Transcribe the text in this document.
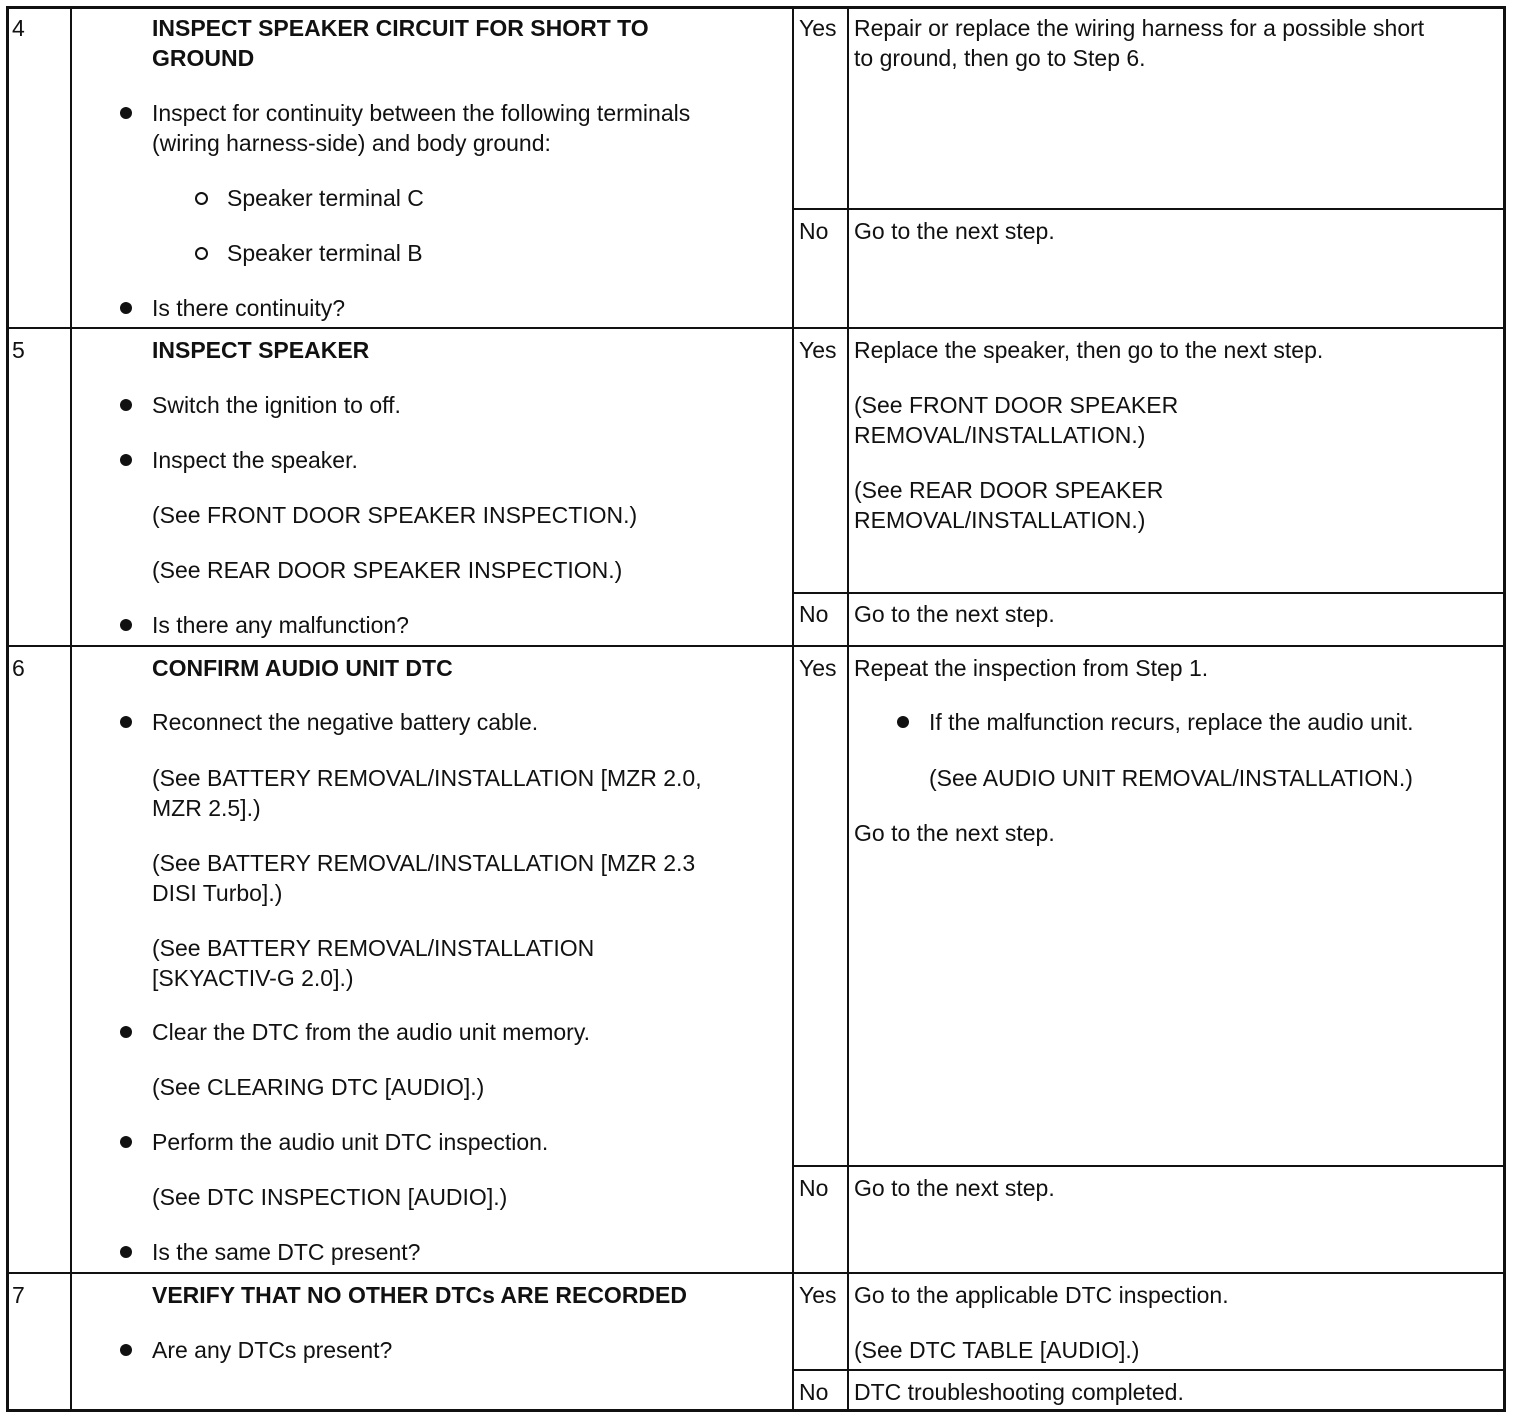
4	INSPECT SPEAKER CIRCUIT FOR SHORT TO
GROUND
Inspect for continuity between the following terminals
(wiring harness-side) and body ground:
Speaker terminal C
Speaker terminal B
Is there continuity?
Yes Repair or replace the wiring harness for a possible short
to ground, then go to Step 6.
No Go to the next step.
5	INSPECT SPEAKER
Switch the ignition to off.
Inspect the speaker.
(See FRONT DOOR SPEAKER INSPECTION.)
(See REAR DOOR SPEAKER INSPECTION.)
Is there any malfunction?
Yes Replace the speaker, then go to the next step.
(See FRONT DOOR SPEAKER
REMOVAL/INSTALLATION.)
(See REAR DOOR SPEAKER
REMOVAL/INSTALLATION.)
No Go to the next step.
6	CONFIRM AUDIO UNIT DTC
Reconnect the negative battery cable.
(See BATTERY REMOVAL/INSTALLATION [MZR 2.0,
MZR 2.5].)
(See BATTERY REMOVAL/INSTALLATION [MZR 2.3
DISI Turbo].)
(See BATTERY REMOVAL/INSTALLATION
[SKYACTIV-G 2.0].)
Clear the DTC from the audio unit memory.
(See CLEARING DTC [AUDIO].)
Perform the audio unit DTC inspection.
(See DTC INSPECTION [AUDIO].)
Is the same DTC present?
Yes Repeat the inspection from Step 1.
If the malfunction recurs, replace the audio unit.
(See AUDIO UNIT REMOVAL/INSTALLATION.)
Go to the next step.
No Go to the next step.
7	VERIFY THAT NO OTHER DTCs ARE RECORDED
Are any DTCs present?
Yes Go to the applicable DTC inspection.
(See DTC TABLE [AUDIO].)
No DTC troubleshooting completed.
